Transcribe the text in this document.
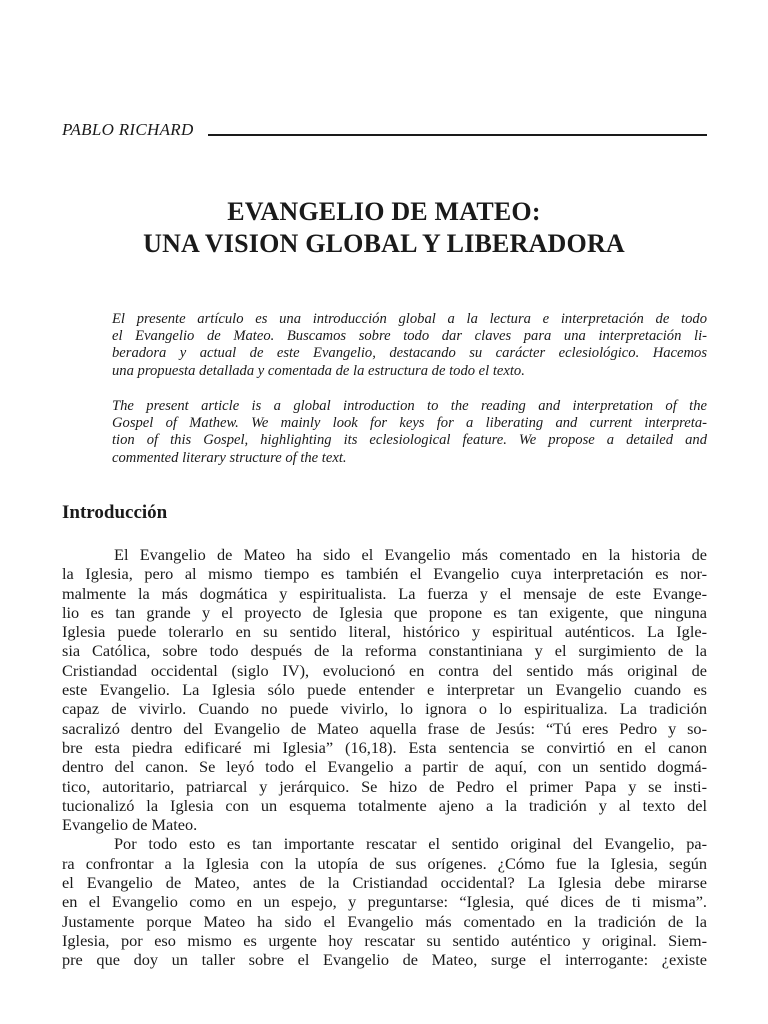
PABLO RICHARD
EVANGELIO DE MATEO:
UNA VISION GLOBAL Y LIBERADORA
El presente artículo es una introducción global a la lectura e interpretación de todo
el Evangelio de Mateo. Buscamos sobre todo dar claves para una interpretación li-
beradora y actual de este Evangelio, destacando su carácter eclesiológico. Hacemos
una propuesta detallada y comentada de la estructura de todo el texto.
The present article is a global introduction to the reading and interpretation of the
Gospel of Mathew. We mainly look for keys for a liberating and current interpreta-
tion of this Gospel, highlighting its eclesiological feature. We propose a detailed and
commented literary structure of the text.
Introducción
El Evangelio de Mateo ha sido el Evangelio más comentado en la historia de
la Iglesia, pero al mismo tiempo es también el Evangelio cuya interpretación es nor-
malmente la más dogmática y espiritualista. La fuerza y el mensaje de este Evange-
lio es tan grande y el proyecto de Iglesia que propone es tan exigente, que ninguna
Iglesia puede tolerarlo en su sentido literal, histórico y espiritual auténticos. La Igle-
sia Católica, sobre todo después de la reforma constantiniana y el surgimiento de la
Cristiandad occidental (siglo IV), evolucionó en contra del sentido más original de
este Evangelio. La Iglesia sólo puede entender e interpretar un Evangelio cuando es
capaz de vivirlo. Cuando no puede vivirlo, lo ignora o lo espiritualiza. La tradición
sacralizó dentro del Evangelio de Mateo aquella frase de Jesús: “Tú eres Pedro y so-
bre esta piedra edificaré mi Iglesia” (16,18). Esta sentencia se convirtió en el canon
dentro del canon. Se leyó todo el Evangelio a partir de aquí, con un sentido dogmá-
tico, autoritario, patriarcal y jerárquico. Se hizo de Pedro el primer Papa y se insti-
tucionalizó la Iglesia con un esquema totalmente ajeno a la tradición y al texto del
Evangelio de Mateo.
Por todo esto es tan importante rescatar el sentido original del Evangelio, pa-
ra confrontar a la Iglesia con la utopía de sus orígenes. ¿Cómo fue la Iglesia, según
el Evangelio de Mateo, antes de la Cristiandad occidental? La Iglesia debe mirarse
en el Evangelio como en un espejo, y preguntarse: “Iglesia, qué dices de ti misma”.
Justamente porque Mateo ha sido el Evangelio más comentado en la tradición de la
Iglesia, por eso mismo es urgente hoy rescatar su sentido auténtico y original. Siem-
pre que doy un taller sobre el Evangelio de Mateo, surge el interrogante: ¿existe
